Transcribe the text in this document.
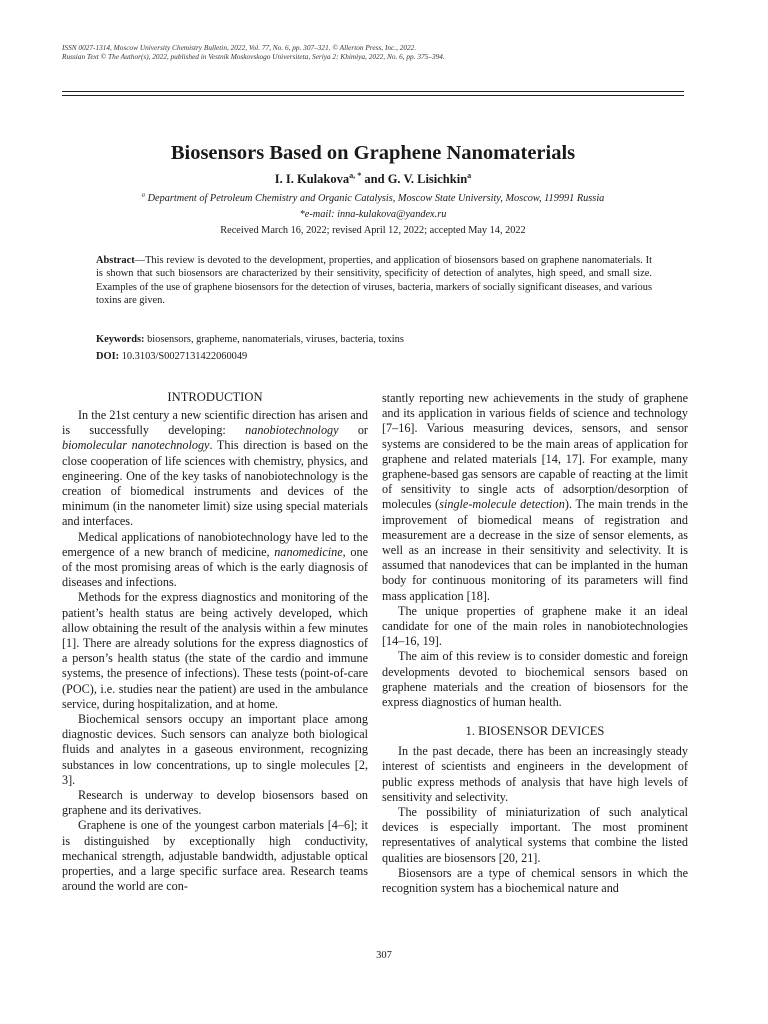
ISSN 0027-1314, Moscow University Chemistry Bulletin, 2022, Vol. 77, No. 6, pp. 307–321. © Allerton Press, Inc., 2022.
Russian Text © The Author(s), 2022, published in Vestnik Moskovskogo Universiteta, Seriya 2: Khimiya, 2022, No. 6, pp. 375–394.
Biosensors Based on Graphene Nanomaterials
I. I. Kulakova$^{a, *}$ and G. V. Lisichkin$^a$
$^a$ Department of Petroleum Chemistry and Organic Catalysis, Moscow State University, Moscow, 119991 Russia
*e-mail: inna-kulakova@yandex.ru
Received March 16, 2022; revised April 12, 2022; accepted May 14, 2022
Abstract—This review is devoted to the development, properties, and application of biosensors based on graphene nanomaterials. It is shown that such biosensors are characterized by their sensitivity, specificity of detection of analytes, high speed, and small size. Examples of the use of graphene biosensors for the detection of viruses, bacteria, markers of socially significant diseases, and various toxins are given.
Keywords: biosensors, grapheme, nanomaterials, viruses, bacteria, toxins
DOI: 10.3103/S0027131422060049
INTRODUCTION

In the 21st century a new scientific direction has arisen and is successfully developing: nanobiotechnology or biomolecular nanotechnology. This direction is based on the close cooperation of life sciences with chemistry, physics, and engineering. One of the key tasks of nanobiotechnology is the creation of biomedical instruments and devices of the minimum (in the nanometer limit) size using special materials and interfaces.

Medical applications of nanobiotechnology have led to the emergence of a new branch of medicine, nanomedicine, one of the most promising areas of which is the early diagnosis of diseases and infections.

Methods for the express diagnostics and monitoring of the patient’s health status are being actively developed, which allow obtaining the result of the analysis within a few minutes [1]. There are already solutions for the express diagnostics of a person’s health status (the state of the cardio and immune systems, the presence of infections). These tests (point-of-care (POC), i.e. studies near the patient) are used in the ambulance service, during hospitalization, and at home.

Biochemical sensors occupy an important place among diagnostic devices. Such sensors can analyze both biological fluids and analytes in a gaseous environment, recognizing substances in low concentrations, up to single molecules [2, 3].

Research is underway to develop biosensors based on graphene and its derivatives.

Graphene is one of the youngest carbon materials [4–6]; it is distinguished by exceptionally high conductivity, mechanical strength, adjustable bandwidth, adjustable optical properties, and a large specific surface area. Research teams around the world are con-

stantly reporting new achievements in the study of graphene and its application in various fields of science and technology [7–16]. Various measuring devices, sensors, and sensor systems are considered to be the main areas of application for graphene and related materials [14, 17]. For example, many graphene-based gas sensors are capable of reacting at the limit of sensitivity to single acts of adsorption/desorption of molecules (single-molecule detection). The main trends in the improvement of biomedical means of registration and measurement are a decrease in the size of sensor elements, as well as an increase in their sensitivity and selectivity. It is assumed that nanodevices that can be implanted in the human body for continuous monitoring of its parameters will find mass application [18].

The unique properties of graphene make it an ideal candidate for one of the main roles in nanobiotechnologies [14–16, 19].

The aim of this review is to consider domestic and foreign developments devoted to biochemical sensors based on graphene materials and the creation of biosensors for the express diagnostics of human health.

1. BIOSENSOR DEVICES

In the past decade, there has been an increasingly steady interest of scientists and engineers in the development of public express methods of analysis that have high levels of sensitivity and selectivity.

The possibility of miniaturization of such analytical devices is especially important. The most prominent representatives of analytical systems that combine the listed qualities are biosensors [20, 21].

Biosensors are a type of chemical sensors in which the recognition system has a biochemical nature and

307
